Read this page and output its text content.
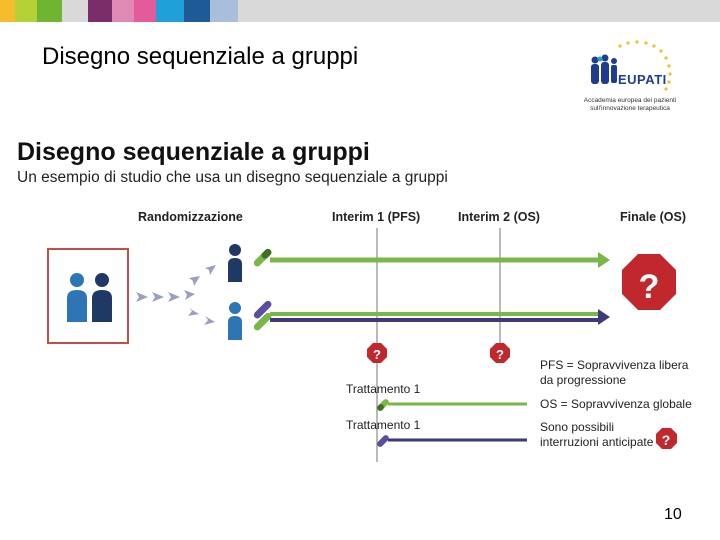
Disegno sequenziale a gruppi
EUPATI
Accademia europea dei pazienti
sull'innovazione terapeutica
Disegno sequenziale a gruppi
Un esempio di studio che usa un disegno sequenziale a gruppi
Randomizzazione	Interim 1 (PFS)	Interim 2 (OS)	Finale (OS)
?
?	?
?
Trattamento 1
Trattamento 1
PFS = Sopravvivenza libera
da progressione
OS = Sopravvivenza globale
Sono possibili
interruzioni anticipate
10
